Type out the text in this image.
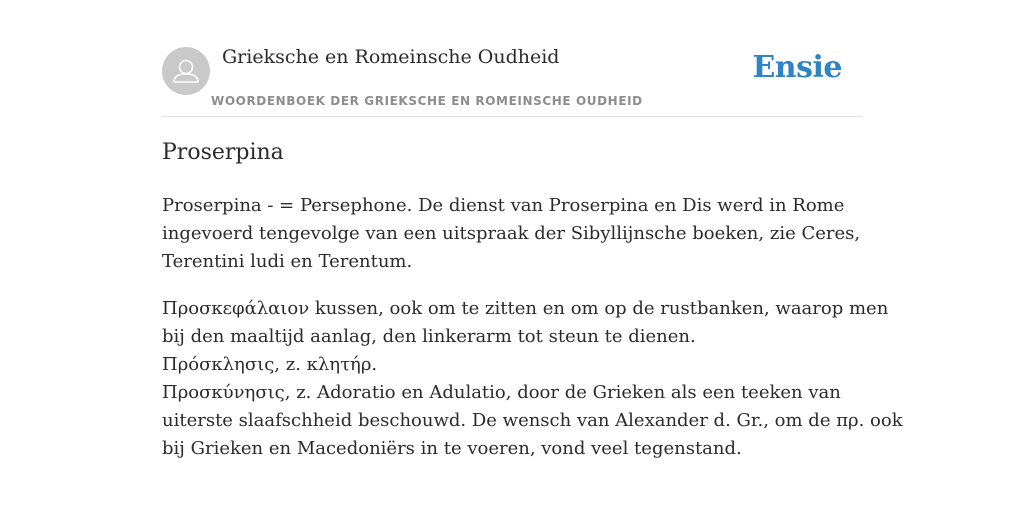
Grieksche en Romeinsche Oudheid
WOORDENBOEK DER GRIEKSCHE EN ROMEINSCHE OUDHEID
Ensie
Proserpina

Proserpina - = Persephone. De dienst van Proserpina en Dis werd in Rome
ingevoerd tengevolge van een uitspraak der Sibyllijnsche boeken, zie Ceres,
Terentini ludi en Terentum.

Προσκεφάλαιον kussen, ook om te zitten en om op de rustbanken, waarop men
bij den maaltijd aanlag, den linkerarm tot steun te dienen.
Πρόσκλησις, z. κλητήρ.
Προσκύνησις, z. Adoratio en Adulatio, door de Grieken als een teeken van
uiterste slaafschheid beschouwd. De wensch van Alexander d. Gr., om de πρ. ook
bij Grieken en Macedoniërs in te voeren, vond veel tegenstand.
